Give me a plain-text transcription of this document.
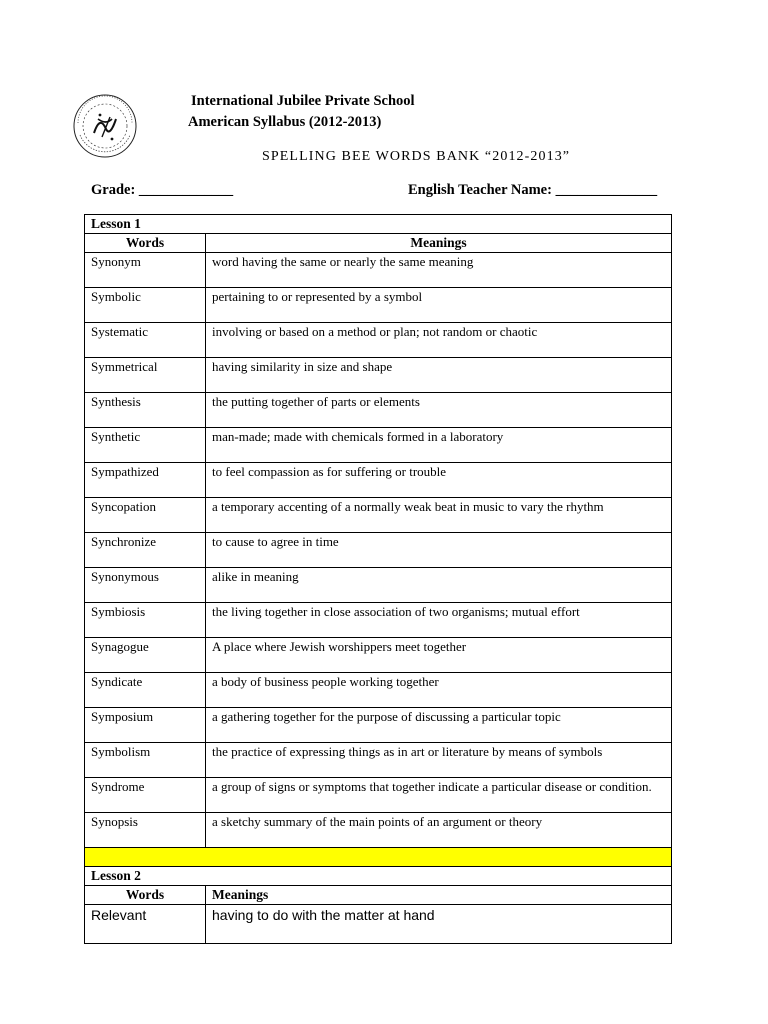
International Jubilee Private School
American Syllabus (2012-2013)
SPELLING BEE WORDS BANK “2012-2013”
Grade: _____________	English Teacher Name: ______________
Lesson 1	
Words	Meanings
Synonym	word having the same or nearly the same meaning
Symbolic	pertaining to or represented by a symbol
Systematic	involving or based on a method or plan; not random or chaotic
Symmetrical	having similarity in size and shape
Synthesis	the putting together of parts or elements
Synthetic	man-made; made with chemicals formed in a laboratory
Sympathized	to feel compassion as for suffering or trouble
Syncopation	a temporary accenting of a normally weak beat in music to vary the rhythm
Synchronize	to cause to agree in time
Synonymous	alike in meaning
Symbiosis	the living together in close association of two organisms; mutual effort
Synagogue	A place where Jewish worshippers meet together
Syndicate	a body of business people working together
Symposium	a gathering together for the purpose of discussing a particular topic
Symbolism	the practice of expressing things as in art or literature by means of symbols
Syndrome	a group of signs or symptoms that together indicate a particular disease or condition.
Synopsis	a sketchy summary of the main points of an argument or theory

Lesson 2	
Words	Meanings
Relevant	having to do with the matter at hand
